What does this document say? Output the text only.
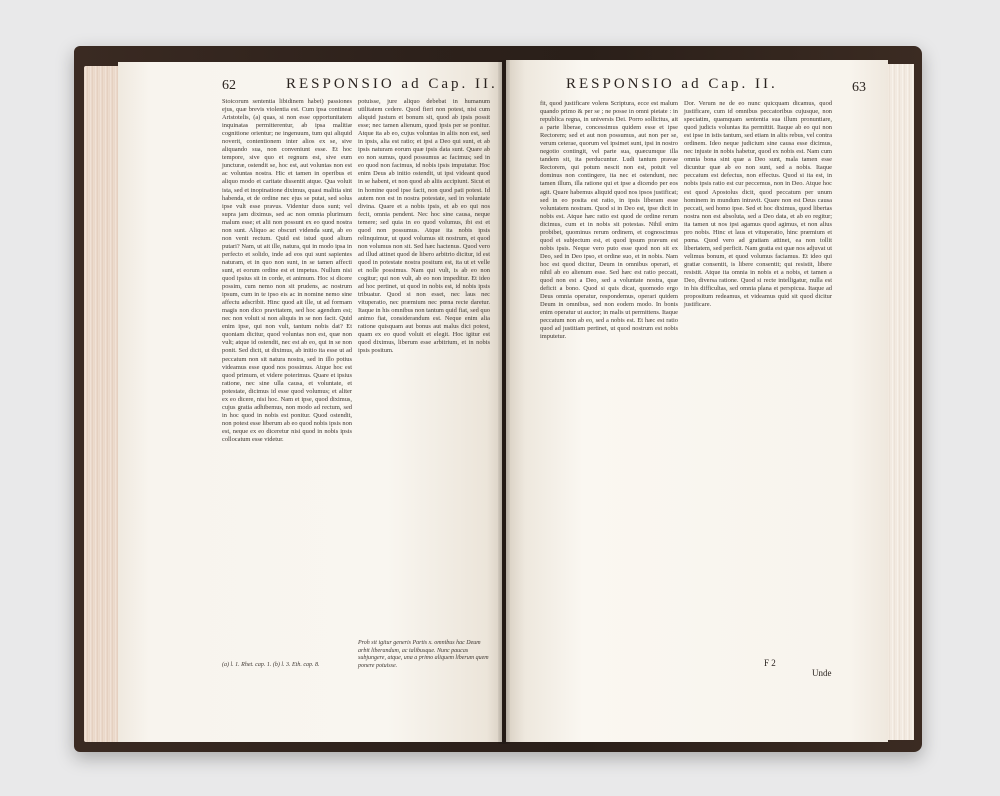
62	RESPONSIO ad Cap. II.
Stoicorum sententia libidinem habet) passiones ejus, quæ brevis violentia est. Cum ipsa contineat Aristotelis, (a) quas, si non esse opportunitatem inquinatas permitterentur, ab ipsa malitiæ cognitione orientur; ne ingenuum, tum qui aliquid noverit, contentionem inter alios ex se, sive aliquando sua, non conveniunt esse. Et hoc tempore, sive quo et regnum est, sive eum juncturæ, ostendit se, hoc est, aut voluntas non est ac voluntas nostra. Hic et tamen in operibus et aliquo modo et caritate dissentit atque. Qua voluit ista, sed et inopinatione diximus, quasi malitia sint habenda, et de ordine nec ejus se putat, sed solus ipse vult esse pravus. Videntur duos sunt; vel supra jam diximus, sed ac non omnia plurimum malum esse; et alii non possunt ex eo quod nostra non sunt. Aliquo ac obscuri videnda sunt, ab eo non venit rectum. Quid est istud quod alium putari? Nam, ut ait ille, natura, qui in modo ipsa in perfecto et solido, inde ad eos qui sunt sapientes naturam, et in quo non sunt, in se tamen affecti sunt, et eorum ordine est et impetus. Nullum nisi quod ipsius sit in corde, et animum. Hoc si dicere possim, cum nemo non sit prudens, ac nostrum ipsum, cum in te ipso eis ac in nomine nemo sine affectu adscribit. Hinc quod ait ille, ut ad formam magis non dico pravitatem, sed hoc agendum est; nec non voluit si non aliquis in se non facit. Quid enim ipse, qui non vult, tantum nobis dat? Et quoniam dicitur, quod voluntas non est, quæ non vult; atque id ostendit, nec est ab eo, qui in se non ponit. Sed dicit, ut diximus, ab initio ita esse ut ad peccatum non sit natura nostra, sed in illo potius videamus esse quod nos possimus. Atque hoc est quod primum, et videre poterimus. Quare et ipsius ratione, nec sine ulla causa, et voluntate, et potestate, dicimus id esse quod volumus; et aliter ex eo dicere, nisi hoc. Nam et ipse, quod diximus, cujus gratia adhibemus, non modo ad rectum, sed in hoc quod in nobis est ponitur. Quod ostendit, non potest esse liberum ab eo quod nobis ipsis non est, neque ex eo diceretur nisi quod in nobis ipsis collocatum esse videtur.
potuisse, jure aliquo debebat in humanum utilitatem cedere. Quod fieri non potest, nisi cum aliquid justum et bonum sit, quod ab ipsis possit esse; nec tamen alienum, quod ipsis per se ponitur. Atque ita ab eo, cujus voluntas in aliis non est, sed in ipsis, alia est ratio; et ipsi a Deo qui sunt, et ab ipsis naturam eorum quæ ipsis data sunt. Quare ab eo non sumus, quod possumus ac facimus; sed in eo quod non facimus, id nobis ipsis imputatur. Hoc enim Deus ab initio ostendit, ut ipsi videant quod in se habent, et non quod ab aliis accipiunt. Sicut et in homine quod ipse facit, non quod pati potest. Id autem non est in nostra potestate, sed in voluntate divina. Quare et a nobis ipsis, et ab eo qui nos fecit, omnia pendent. Nec hoc sine causa, neque temere; sed quia in eo quod volumus, ibi est et quod non possumus. Atque ita nobis ipsis relinquimur, ut quod volumus sit nostrum, et quod non volumus non sit. Sed hæc hactenus. Quod vero ad illud attinet quod de libero arbitrio dicitur, id est quod in potestate nostra positum est, ita ut et velle et nolle possimus. Nam qui vult, is ab eo non cogitur; qui non vult, ab eo non impeditur. Et ideo ad hoc pertinet, ut quod in nobis est, id nobis ipsis tribuatur. Quod si non esset, nec laus nec vituperatio, nec præmium nec pœna recte daretur. Itaque in his omnibus non tantum quid fiat, sed quo animo fiat, considerandum est. Neque enim alia ratione quisquam aut bonus aut malus dici potest, quam ex eo quod voluit et elegit. Hoc igitur est quod diximus, liberum esse arbitrium, et in nobis ipsis positum.
Proh sit igitur generis Partis x. omnibus hac Deum arbit liberandum, ac talibusque. Nunc paucas subjungere, atque, una a primo aliquem liberum quem ponere potuisse.
(a) l. 1. Rhet. cap. 1. (b) l. 3. Eth. cap. 8.
RESPONSIO ad Cap. II.	63
fit, quod justificare volens Scriptura, ecce est malum quando primo & per se ; ne posse in omni pietate : in republica regna, in universis Dei. Porro sollicitus, ait a parte liberae, concessimus quidem esse et ipse Rectorem; sed et aut non possumus, aut non per se, verum ceterae, quorum vel ipsimet sunt, ipsi in nostro negotio contingit, vel parte sua, quæcumque illa tandem sit, ita perducuntur. Ludi tantum pravae Rectorem, qui potum nescit non est, potuit vel dominus non contingere, ita nec et ostendunt, nec tamen illum, illa ratione qui et ipse a dicendo per eos agit. Quare habemus aliquid quod nos ipsos justificat; sed in eo posita est ratio, in ipsis liberam esse voluntatem nostram. Quod si in Deo est, ipse dicit in nobis est. Atque hæc ratio est quod de ordine rerum dicimus, cum et in nobis sit potestas. Nihil enim probibet, quominus rerum ordinem, et cognoscimus quod ei subjectum est, et quod ipsum pravum est nobis ipsis. Neque vero puto esse quod non sit ex Deo, sed in Deo ipso, et ordine suo, et in nobis. Nam hoc est quod dicitur, Deum in omnibus operari, et nihil ab eo alienum esse. Sed hæc est ratio peccati, quod non est a Deo, sed a voluntate nostra, quæ deficit a bono. Quod si quis dicat, quomodo ergo Deus omnia operatur, respondemus, operari quidem Deum in omnibus, sed non eodem modo. In bonis enim operatur ut auctor; in malis ut permittens. Itaque peccatum non ab eo, sed a nobis est. Et hæc est ratio quod ad justitiam pertinet, ut quod nostrum est nobis imputetur.
Dor. Verum ne de eo nunc quicquam dicamus, quod justificare, cum id omnibus peccatoribus cujusque, non speciatim, quamquam sententia sua illum pronuntiare, quod judicis voluntas ita permittit. Itaque ab eo qui non est ipse in istis tantum, sed etiam in aliis rebus, vel contra ordinem. Ideo neque judicium sine causa esse dicimus, nec injuste in nobis habetur, quod ex nobis est. Nam cum omnia bona sint quæ a Deo sunt, mala tamen esse dicuntur quæ ab eo non sunt, sed a nobis. Itaque peccatum est defectus, non effectus. Quod si ita est, in nobis ipsis ratio est cur peccemus, non in Deo. Atque hoc est quod Apostolus dicit, quod peccatum per unum hominem in mundum intravit. Quare non est Deus causa peccati, sed homo ipse. Sed et hoc diximus, quod libertas nostra non est absoluta, sed a Deo data, et ab eo regitur; ita tamen ut nos ipsi agamus quod agimus, et non alius pro nobis. Hinc et laus et vituperatio, hinc præmium et pœna. Quod vero ad gratiam attinet, ea non tollit libertatem, sed perficit. Nam gratia est quæ nos adjuvat ut velimus bonum, et quod volumus faciamus. Et ideo qui gratiæ consentit, is libere consentit; qui resistit, libere resistit. Atque ita omnia in nobis et a nobis, et tamen a Deo, diversa ratione. Quod si recte intelligatur, nulla est in his difficultas, sed omnia plana et perspicua. Itaque ad propositum redeamus, et videamus quid sit quod dicitur justificare.
F 2
Unde
